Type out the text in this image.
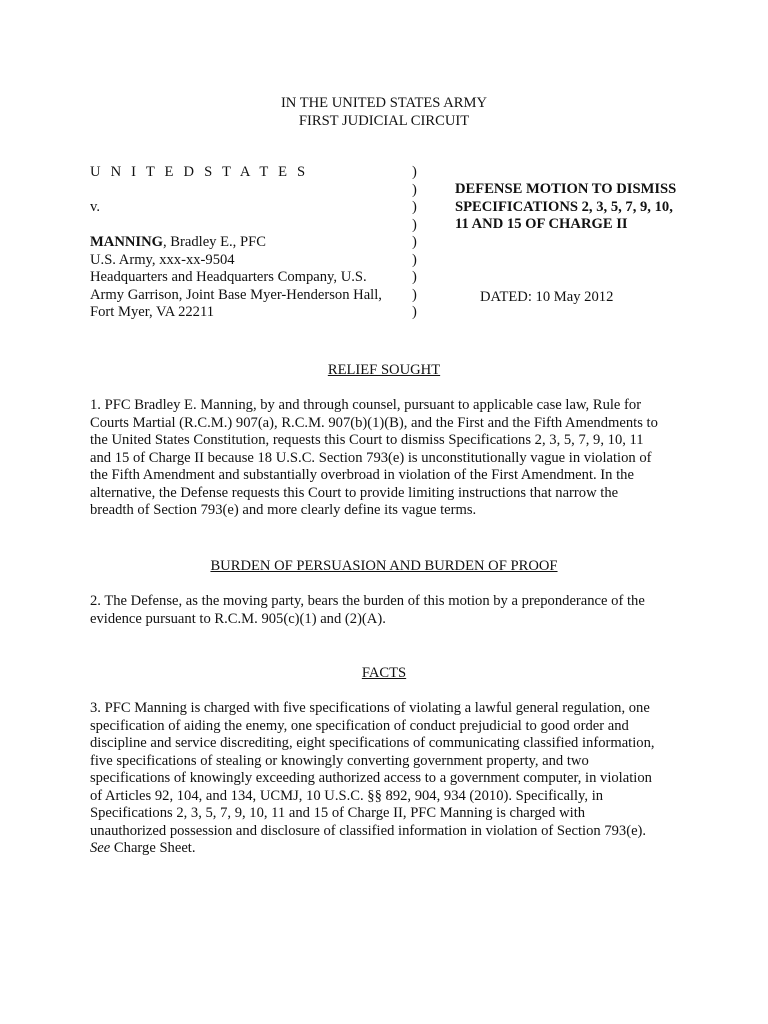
IN THE UNITED STATES ARMY
FIRST JUDICIAL CIRCUIT
U N I T E D S T A T E S

v.

MANNING, Bradley E., PFC
U.S. Army, xxx-xx-9504
Headquarters and Headquarters Company, U.S.
Army Garrison, Joint Base Myer-Henderson Hall,
Fort Myer, VA 22211
)
)
)
)
)
)
)
)
)
DEFENSE MOTION TO DISMISS
SPECIFICATIONS 2, 3, 5, 7, 9, 10,
11 AND 15 OF CHARGE II
DATED: 10 May 2012
RELIEF SOUGHT
1. PFC Bradley E. Manning, by and through counsel, pursuant to applicable case law, Rule for
Courts Martial (R.C.M.) 907(a), R.C.M. 907(b)(1)(B), and the First and the Fifth Amendments to
the United States Constitution, requests this Court to dismiss Specifications 2, 3, 5, 7, 9, 10, 11
and 15 of Charge II because 18 U.S.C. Section 793(e) is unconstitutionally vague in violation of
the Fifth Amendment and substantially overbroad in violation of the First Amendment. In the
alternative, the Defense requests this Court to provide limiting instructions that narrow the
breadth of Section 793(e) and more clearly define its vague terms.
BURDEN OF PERSUASION AND BURDEN OF PROOF
2. The Defense, as the moving party, bears the burden of this motion by a preponderance of the
evidence pursuant to R.C.M. 905(c)(1) and (2)(A).
FACTS
3. PFC Manning is charged with five specifications of violating a lawful general regulation, one
specification of aiding the enemy, one specification of conduct prejudicial to good order and
discipline and service discrediting, eight specifications of communicating classified information,
five specifications of stealing or knowingly converting government property, and two
specifications of knowingly exceeding authorized access to a government computer, in violation
of Articles 92, 104, and 134, UCMJ, 10 U.S.C. §§ 892, 904, 934 (2010). Specifically, in
Specifications 2, 3, 5, 7, 9, 10, 11 and 15 of Charge II, PFC Manning is charged with
unauthorized possession and disclosure of classified information in violation of Section 793(e).
See Charge Sheet.
